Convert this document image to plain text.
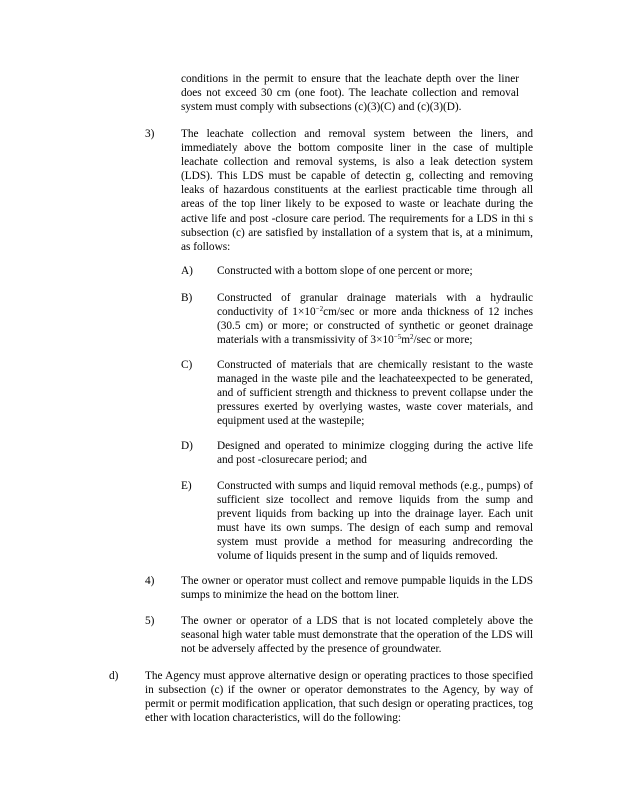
conditions in the permit to ensure that the leachate depth over the liner does not exceed 30 cm (one foot). The leachate collection and removal system must comply with subsections (c)(3)(C) and (c)(3)(D).
3) The leachate collection and removal system between the liners, and immediately above the bottom composite liner in the case of multiple leachate collection and removal systems, is also a leak detection system (LDS). This LDS must be capable of detectin g, collecting and removing leaks of hazardous constituents at the earliest practicable time through all areas of the top liner likely to be exposed to waste or leachate during the active life and post -closure care period. The requirements for a LDS in thi s subsection (c) are satisfied by installation of a system that is, at a minimum, as follows:
A) Constructed with a bottom slope of one percent or more;
B) Constructed of granular drainage materials with a hydraulic conductivity of $1\times 10^{-2}cm/\sec$ or more anda thickness of 12 inches (30.5 cm) or more; or constructed of synthetic or geonet drainage materials with a transmissivity of $3\times 10^{-5}m^2/\sec$ or more;
C) Constructed of materials that are chemically resistant to the waste managed in the waste pile and the leachateexpected to be generated, and of sufficient strength and thickness to prevent collapse under the pressures exerted by overlying wastes, waste cover materials, and equipment used at the wastepile;
D) Designed and operated to minimize clogging during the active life and post -closurecare period; and
E) Constructed with sumps and liquid removal methods (e.g., pumps) of sufficient size tocollect and remove liquids from the sump and prevent liquids from backing up into the drainage layer. Each unit must have its own sumps. The design of each sump and removal system must provide a method for measuring andrecording the volume of liquids present in the sump and of liquids removed.
4) The owner or operator must collect and remove pumpable liquids in the LDS sumps to minimize the head on the bottom liner.
5) The owner or operator of a LDS that is not located completely above the seasonal high water table must demonstrate that the operation of the LDS will not be adversely affected by the presence of groundwater.
d) The Agency must approve alternative design or operating practices to those specified in subsection (c) if the owner or operator demonstrates to the Agency, by way of permit or permit modification application, that such design or operating practices, tog ether with location characteristics, will do the following:
